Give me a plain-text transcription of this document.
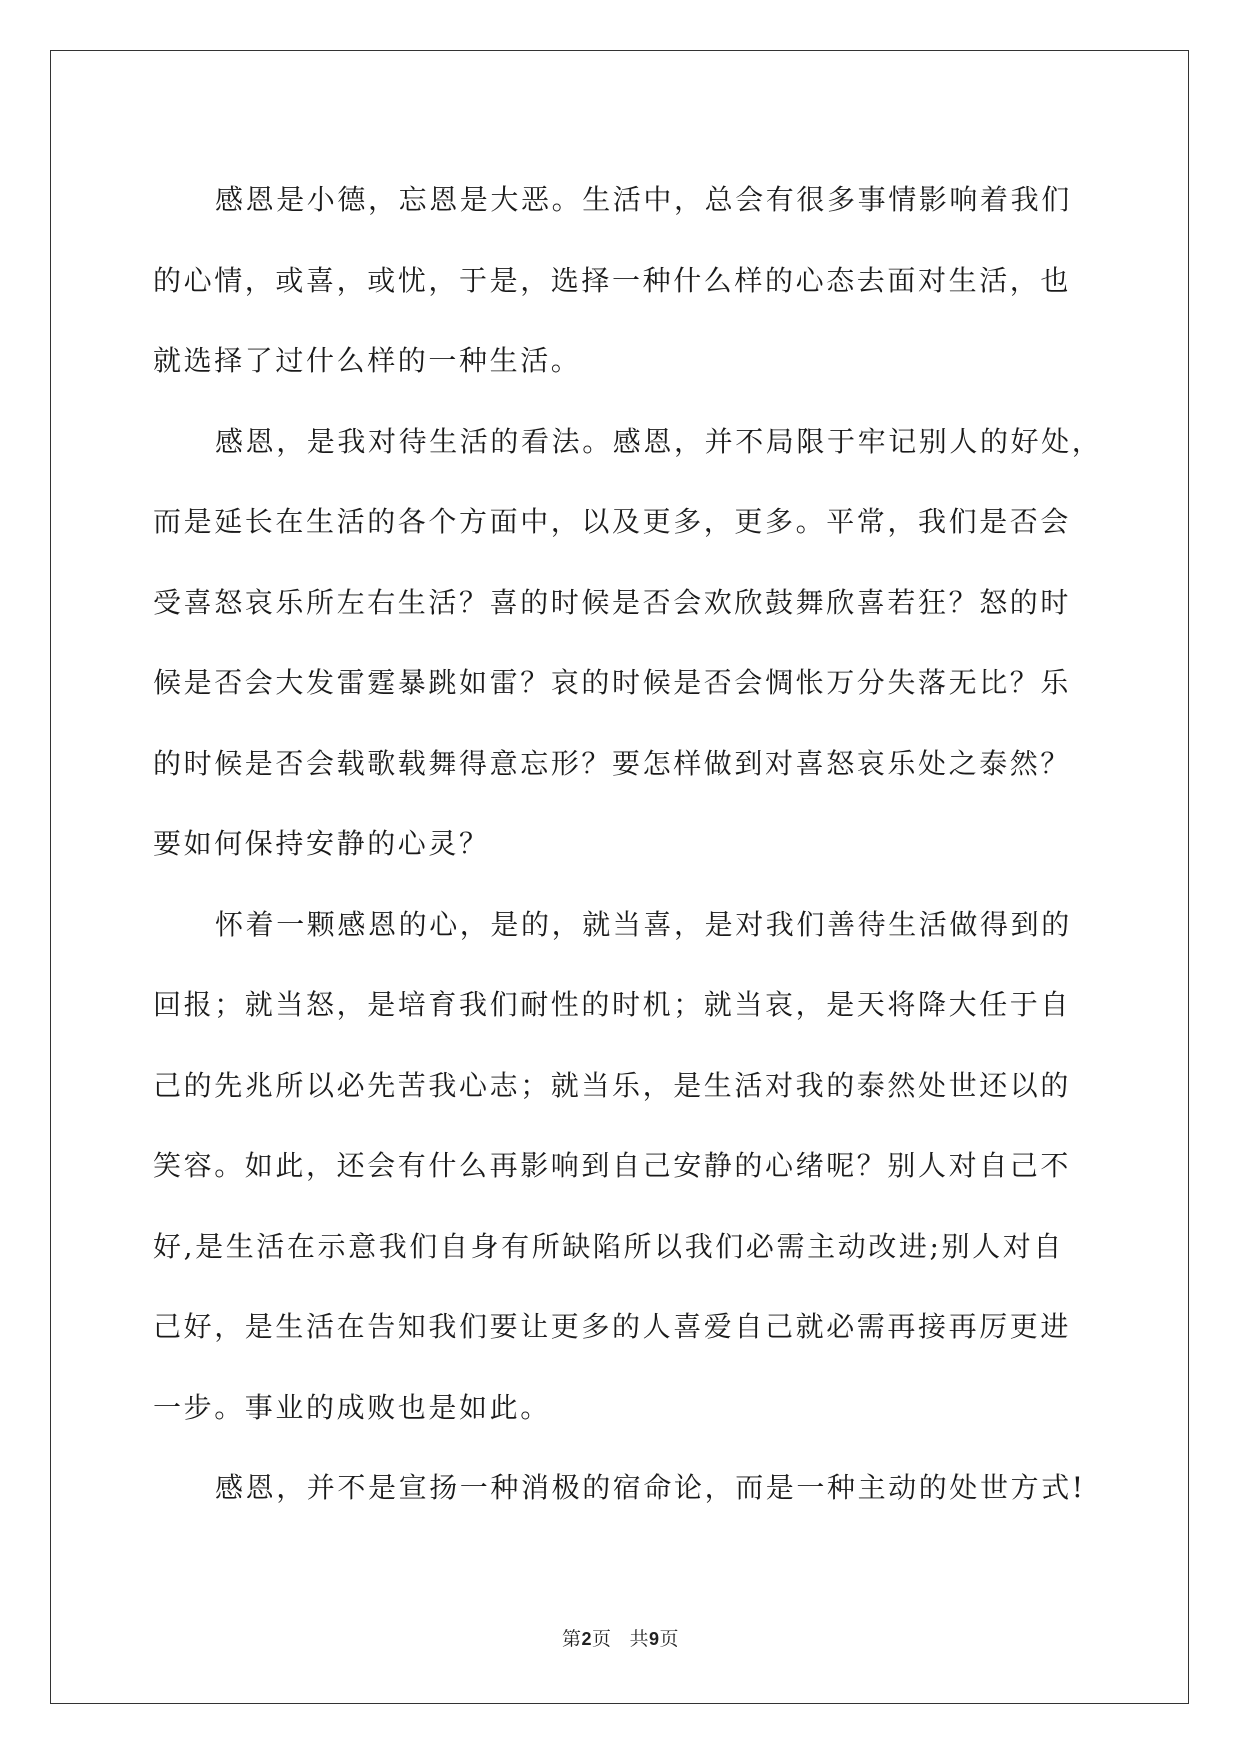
感恩是小德，忘恩是大恶。生活中，总会有很多事情影响着我们
的心情，或喜，或忧，于是，选择一种什么样的心态去面对生活，也
就选择了过什么样的一种生活。

感恩，是我对待生活的看法。感恩，并不局限于牢记别人的好处，
而是延长在生活的各个方面中，以及更多，更多。平常，我们是否会
受喜怒哀乐所左右生活？喜的时候是否会欢欣鼓舞欣喜若狂？怒的时
候是否会大发雷霆暴跳如雷？哀的时候是否会惆怅万分失落无比？乐
的时候是否会载歌载舞得意忘形？要怎样做到对喜怒哀乐处之泰然？
要如何保持安静的心灵？

怀着一颗感恩的心，是的，就当喜，是对我们善待生活做得到的
回报；就当怒，是培育我们耐性的时机；就当哀，是天将降大任于自
己的先兆所以必先苦我心志；就当乐，是生活对我的泰然处世还以的
笑容。如此，还会有什么再影响到自己安静的心绪呢？别人对自己不
好,是生活在示意我们自身有所缺陷所以我们必需主动改进;别人对自
己好，是生活在告知我们要让更多的人喜爱自己就必需再接再厉更进
一步。事业的成败也是如此。

感恩，并不是宣扬一种消极的宿命论，而是一种主动的处世方式!

第2页 共9页
